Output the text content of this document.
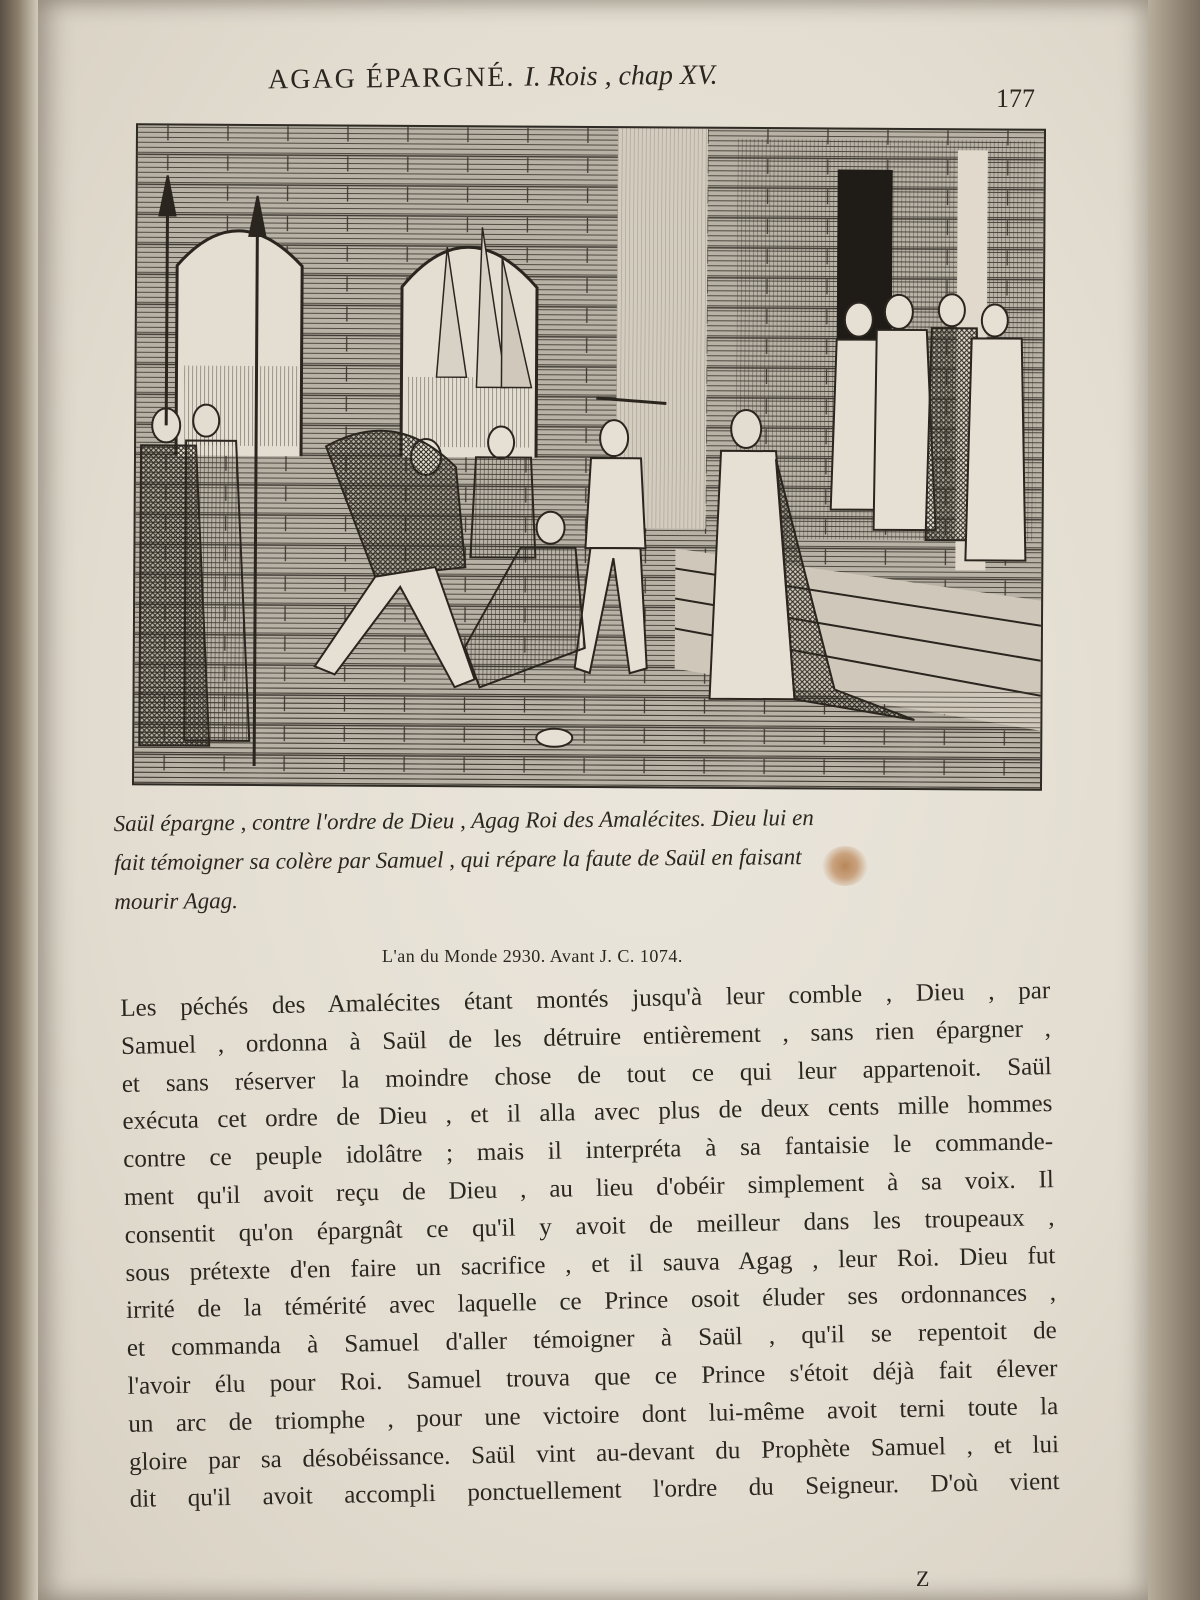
AGAG ÉPARGNÉ. I. Rois , chap XV.
177
Saül épargne , contre l'ordre de Dieu , Agag Roi des Amalécites. Dieu lui en
fait témoigner sa colère par Samuel , qui répare la faute de Saül en faisant
mourir Agag.
L'an du Monde 2930. Avant J. C. 1074.
Les péchés des Amalécites étant montés jusqu'à leur comble , Dieu , par
Samuel , ordonna à Saül de les détruire entièrement , sans rien épargner ,
et sans réserver la moindre chose de tout ce qui leur appartenoit. Saül
exécuta cet ordre de Dieu , et il alla avec plus de deux cents mille hommes
contre ce peuple idolâtre ; mais il interpréta à sa fantaisie le commande-
ment qu'il avoit reçu de Dieu , au lieu d'obéir simplement à sa voix. Il
consentit qu'on épargnât ce qu'il y avoit de meilleur dans les troupeaux ,
sous prétexte d'en faire un sacrifice , et il sauva Agag , leur Roi. Dieu fut
irrité de la témérité avec laquelle ce Prince osoit éluder ses ordonnances ,
et commanda à Samuel d'aller témoigner à Saül , qu'il se repentoit de
l'avoir élu pour Roi. Samuel trouva que ce Prince s'étoit déjà fait élever
un arc de triomphe , pour une victoire dont lui-même avoit terni toute la
gloire par sa désobéissance. Saül vint au-devant du Prophète Samuel , et lui
dit qu'il avoit accompli ponctuellement l'ordre du Seigneur. D'où vient
Z
